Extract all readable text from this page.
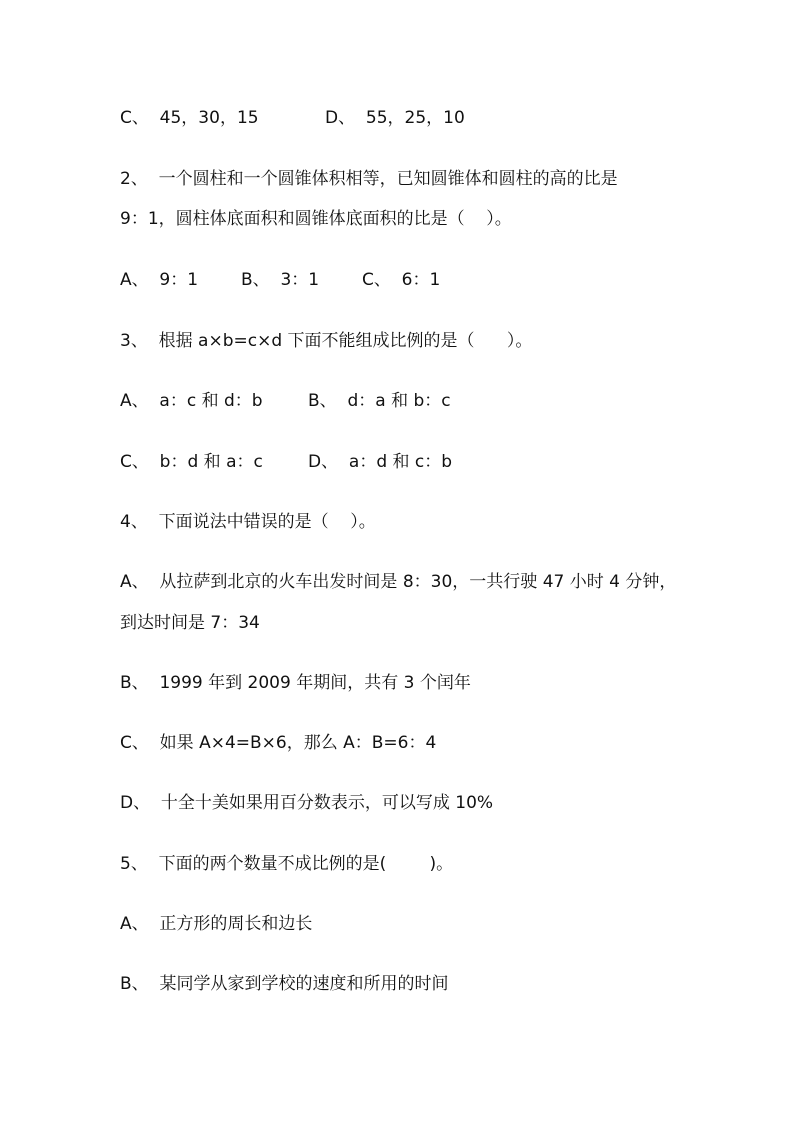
C、  45，30，15

	D、  55，25，10

2、  一个圆柱和一个圆锥体积相等，已知圆锥体和圆柱的高的比是
9：1，圆柱体底面积和圆锥体底面积的比是（    ）。

A、  9：1

	B、  3：1

	C、  6：1

3、  根据 a×b=c×d 下面不能组成比例的是（      ）。

A、  a：c 和 d：b

	B、  d：a 和 b：c

C、  b：d 和 a：c

	D、  a：d 和 c：b

4、  下面说法中错误的是（    ）。
A、  从拉萨到北京的火车出发时间是 8：30，一共行驶 47 小时 4 分钟，
到达时间是 7：34
B、  1999 年到 2009 年期间，共有 3 个闰年
C、  如果 A×4=B×6，那么 A：B=6：4
D、  十全十美如果用百分数表示，可以写成 10%
5、  下面的两个数量不成比例的是(        )。
A、  正方形的周长和边长
B、  某同学从家到学校的速度和所用的时间
